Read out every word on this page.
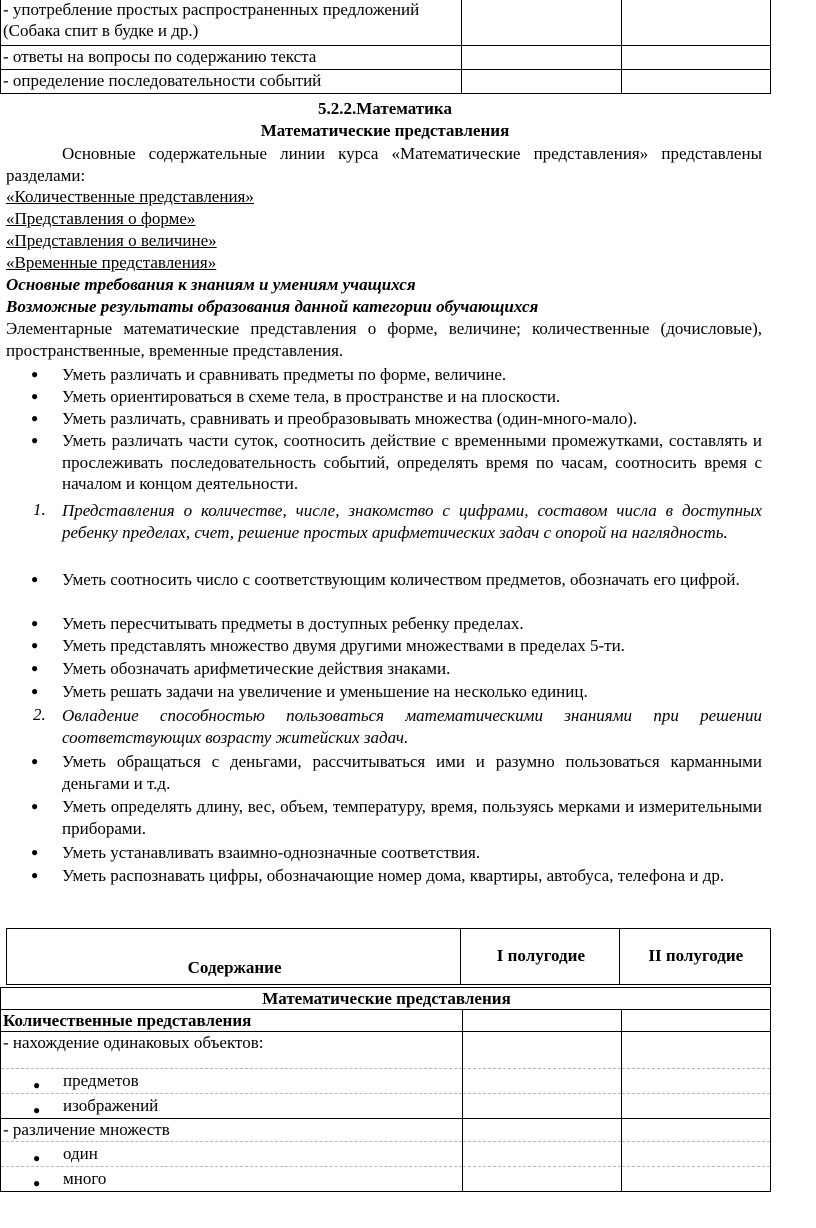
- употребление простых распространенных предложений (Собака спит в будке и др.)		
- ответы на вопросы по содержанию текста		
- определение последовательности событий		
5.2.2.Математика
Математические представления
Основные содержательные линии курса «Математические представления» представлены разделами:
«Количественные представления»
«Представления о форме»
«Представления о величине»
«Временные представления»
Основные требования к знаниям и умениям учащихся
Возможные результаты образования данной категории обучающихся
Элементарные математические представления о форме, величине; количественные (дочисловые), пространственные, временные представления.
● Уметь различать и сравнивать предметы по форме, величине.
● Уметь ориентироваться в схеме тела, в пространстве и на плоскости.
● Уметь различать, сравнивать и преобразовывать множества (один-много-мало).
● Уметь различать части суток, соотносить действие с временными промежутками, составлять и прослеживать последовательность событий, определять время по часам, соотносить время с началом и концом деятельности.
1. Представления о количестве, числе, знакомство с цифрами, составом числа в доступных ребенку пределах, счет, решение простых арифметических задач с опорой на наглядность.
● Уметь соотносить число с соответствующим количеством предметов, обозначать его цифрой.
● Уметь пересчитывать предметы в доступных ребенку пределах.
● Уметь представлять множество двумя другими множествами в пределах 5-ти.
● Уметь обозначать арифметические действия знаками.
● Уметь решать задачи на увеличение и уменьшение на несколько единиц.
2. Овладение способностью пользоваться математическими знаниями при решении соответствующих возрасту житейских задач.
● Уметь обращаться с деньгами, рассчитываться ими и разумно пользоваться карманными деньгами и т.д.
● Уметь определять длину, вес, объем, температуру, время, пользуясь мерками и измерительными приборами.
● Уметь устанавливать взаимно-однозначные соответствия.
● Уметь распознавать цифры, обозначающие номер дома, квартиры, автобуса, телефона и др.
Содержание	I полугодие	II полугодие
Математические представления		
Количественные представления		

- нахождение одинаковых объектов:
● предметов
● изображений		

- различение множеств
● один
● много		
